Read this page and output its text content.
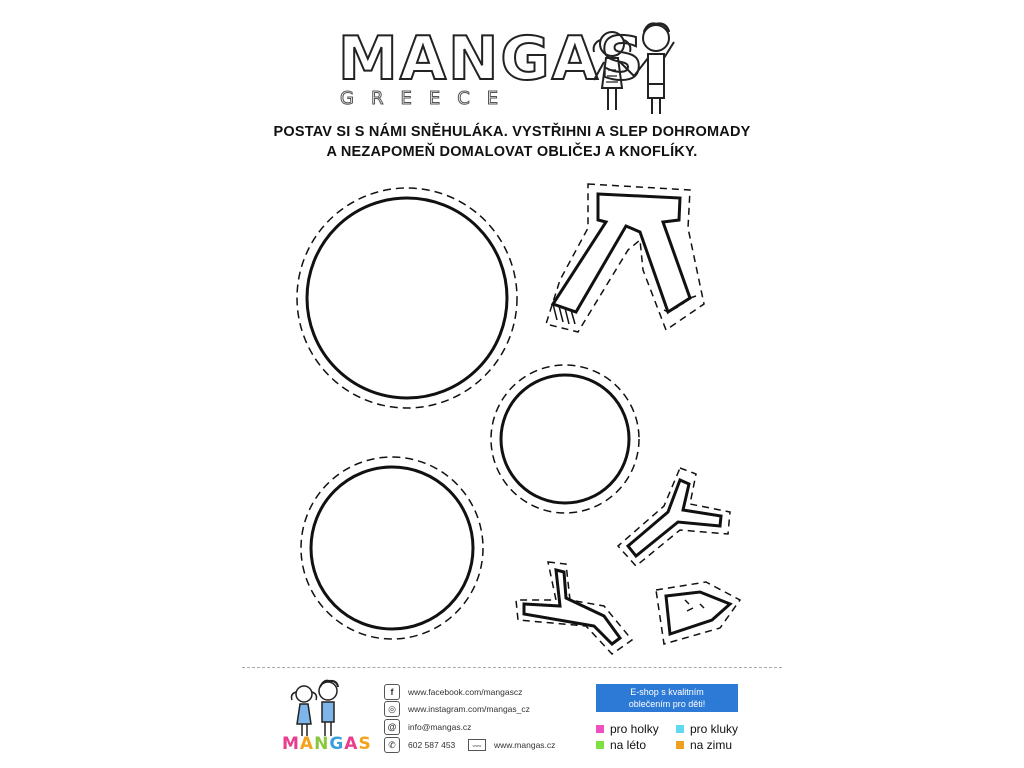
MANGAS
GREECE
POSTAV SI S NÁMI SNĚHULÁKA. VYSTŘIHNI A SLEP DOHROMADY
A NEZAPOMEŇ DOMALOVAT OBLIČEJ A KNOFLÍKY.
MANGAS
f	www.facebook.com/mangascz
◎	www.instagram.com/mangas_cz
@	info@mangas.cz
✆	602 587 453	www	www.mangas.cz
E-shop s kvalitním
oblečením pro děti!
pro holky	pro kluky
na léto	na zimu
